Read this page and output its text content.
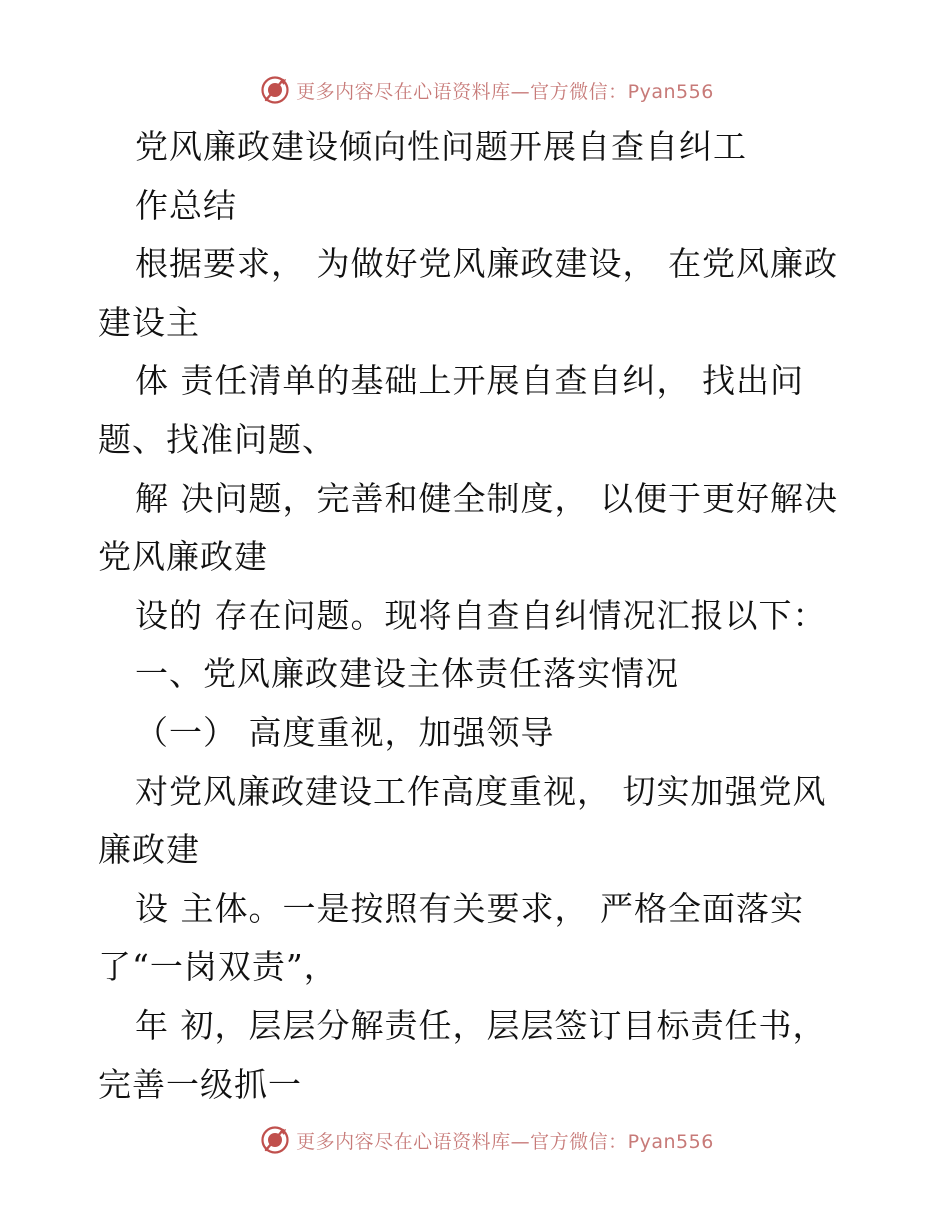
更多内容尽在心语资料库—官方微信：Pyan556
党风廉政建设倾向性问题开展自查自纠工
作总结
根据要求， 为做好党风廉政建设， 在党风廉政
建设主
体 责任清单的基础上开展自查自纠， 找出问
题、找准问题、
解 决问题，完善和健全制度， 以便于更好解决
党风廉政建
设的 存在问题。现将自查自纠情况汇报以下：
一、党风廉政建设主体责任落实情况
（一） 高度重视，加强领导
对党风廉政建设工作高度重视， 切实加强党风
廉政建
设 主体。一是按照有关要求， 严格全面落实
了“一岗双责”，
年 初，层层分解责任，层层签订目标责任书，
完善一级抓一
更多内容尽在心语资料库—官方微信：Pyan556
